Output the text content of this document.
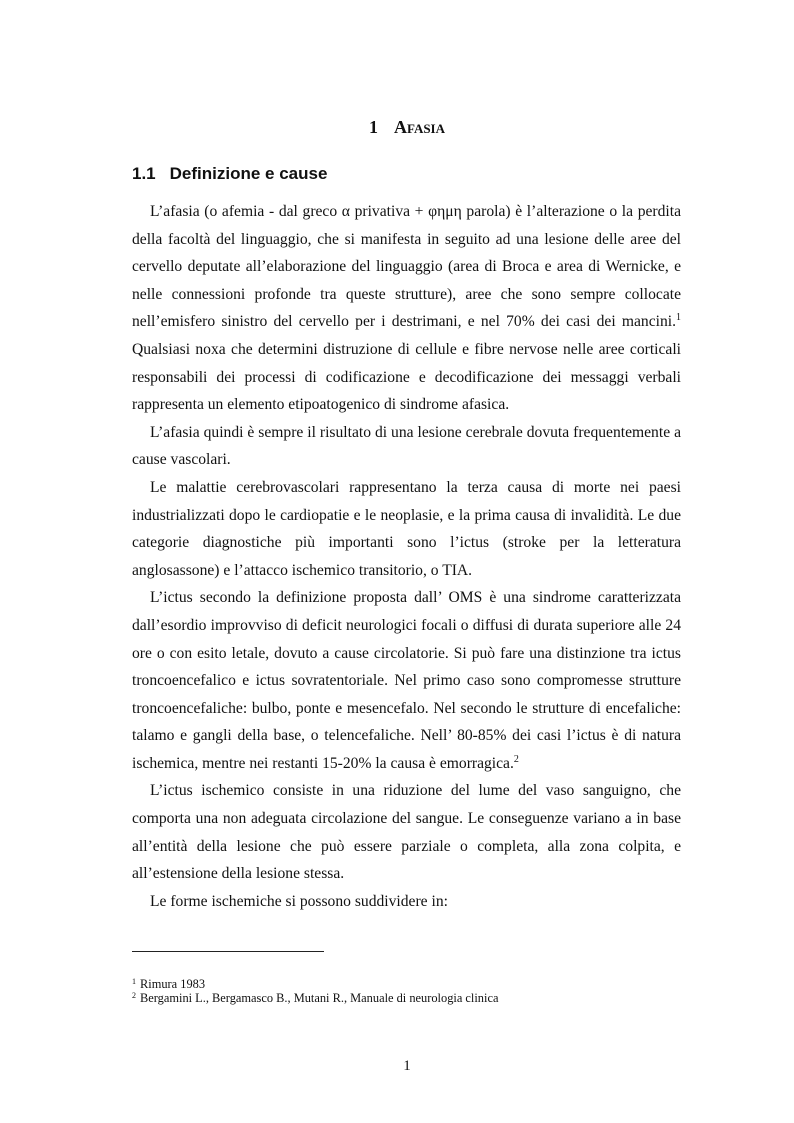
1 Afasia
1.1 Definizione e cause

L’afasia (o afemia - dal greco α privativa + φημη parola) è l’alterazione o la perdita della facoltà del linguaggio, che si manifesta in seguito ad una lesione delle aree del cervello deputate all’elaborazione del linguaggio (area di Broca e area di Wernicke, e nelle connessioni profonde tra queste strutture), aree che sono sempre collocate nell’emisfero sinistro del cervello per i destrimani, e nel 70% dei casi dei mancini.$^1$ Qualsiasi noxa che determini distruzione di cellule e fibre nervose nelle aree corticali responsabili dei processi di codificazione e decodificazione dei messaggi verbali rappresenta un elemento etipoatogenico di sindrome afasica.

L’afasia quindi è sempre il risultato di una lesione cerebrale dovuta frequentemente a cause vascolari.

Le malattie cerebrovascolari rappresentano la terza causa di morte nei paesi industrializzati dopo le cardiopatie e le neoplasie, e la prima causa di invalidità. Le due categorie diagnostiche più importanti sono l’ictus (stroke per la letteratura anglosassone) e l’attacco ischemico transitorio, o TIA.

L’ictus secondo la definizione proposta dall’ OMS è una sindrome caratterizzata dall’esordio improvviso di deficit neurologici focali o diffusi di durata superiore alle 24 ore o con esito letale, dovuto a cause circolatorie. Si può fare una distinzione tra ictus troncoencefalico e ictus sovratentoriale. Nel primo caso sono compromesse strutture troncoencefaliche: bulbo, ponte e mesencefalo. Nel secondo le strutture di encefaliche: talamo e gangli della base, o telencefaliche. Nell’ 80-85% dei casi l’ictus è di natura ischemica, mentre nei restanti 15-20% la causa è emorragica.$^2$

L’ictus ischemico consiste in una riduzione del lume del vaso sanguigno, che comporta una non adeguata circolazione del sangue. Le conseguenze variano a in base all’entità della lesione che può essere parziale o completa, alla zona colpita, e all’estensione della lesione stessa.

Le forme ischemiche si possono suddividere in:

$^1$ Rimura 1983
$^2$ Bergamini L., Bergamasco B., Mutani R., Manuale di neurologia clinica
1
